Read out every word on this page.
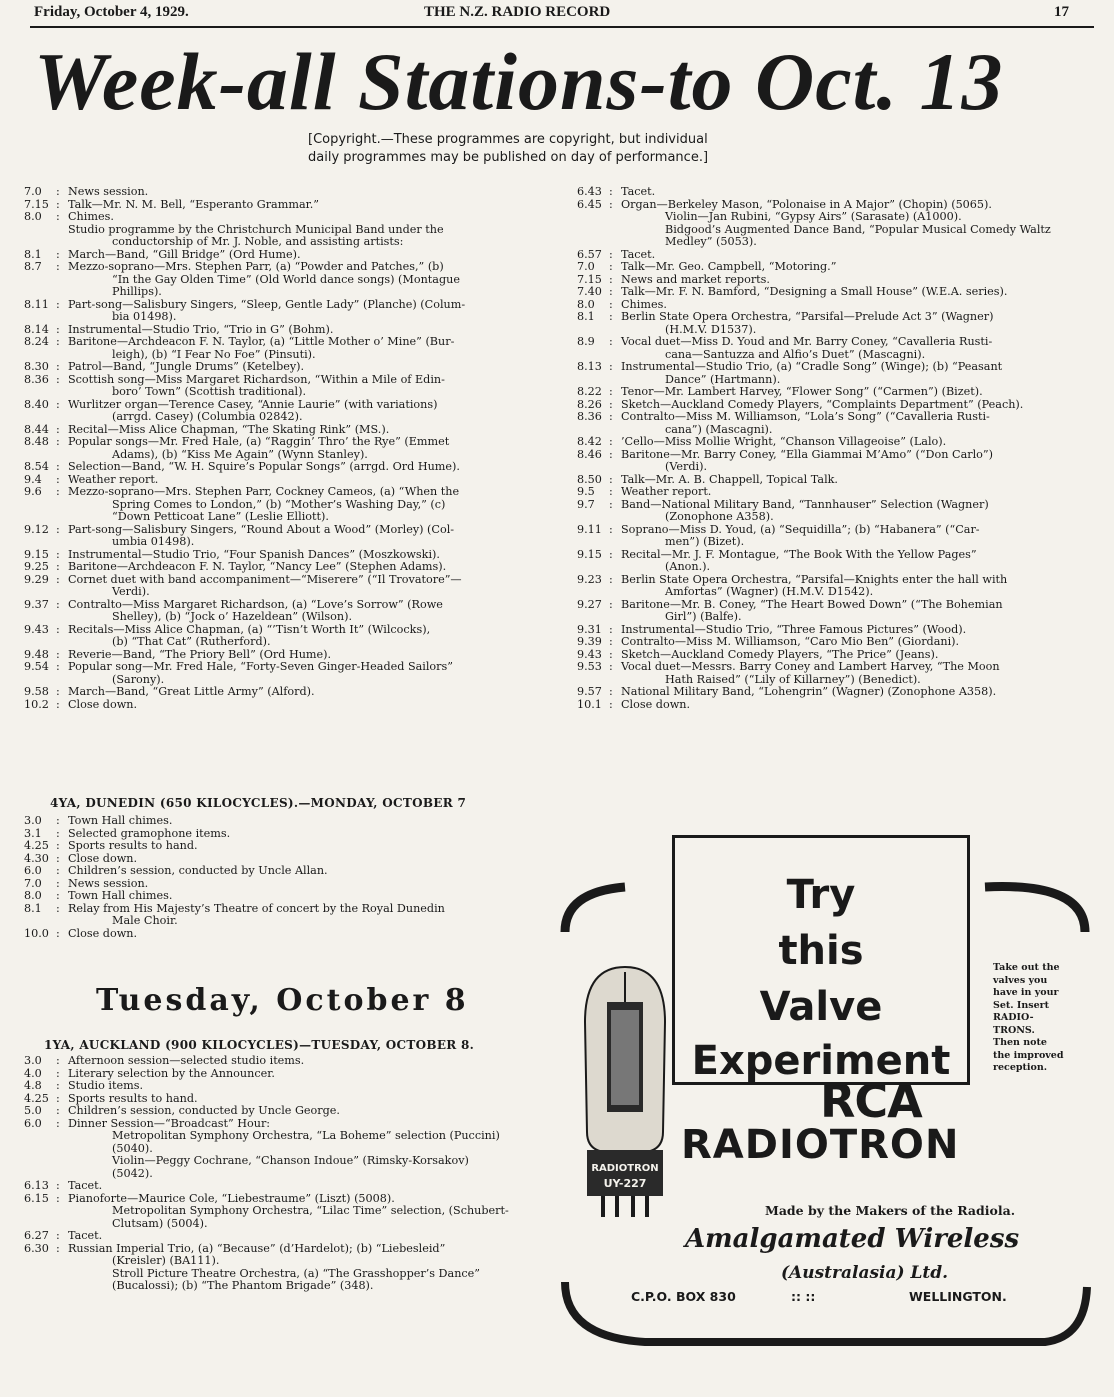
Friday, October 4, 1929.	THE N.Z. RADIO RECORD	17
Week-all Stations-to Oct. 13
[Copyright.—These programmes are copyright, but individual
daily programmes may be published on day of performance.]
7.0	: News session.
7.15 : Talk—Mr. N. M. Bell, “Esperanto Grammar.”
8.0	: Chimes.
Studio programme by the Christchurch Municipal Band under the
conductorship of Mr. J. Noble, and assisting artists:
8.1	: March—Band, “Gill Bridge” (Ord Hume).
8.7	: Mezzo-soprano—Mrs. Stephen Parr, (a) “Powder and Patches,” (b)
“In the Gay Olden Time” (Old World dance songs) (Montague
Phillips).
8.11 : Part-song—Salisbury Singers, “Sleep, Gentle Lady” (Planche) (Colum-
bia 01498).
8.14 : Instrumental—Studio Trio, “Trio in G” (Bohm).
8.24 : Baritone—Archdeacon F. N. Taylor, (a) “Little Mother o’ Mine” (Bur-
leigh), (b) “I Fear No Foe” (Pinsuti).
8.30 : Patrol—Band, “Jungle Drums” (Ketelbey).
8.36 : Scottish song—Miss Margaret Richardson, “Within a Mile of Edin-
boro’ Town” (Scottish traditional).
8.40 : Wurlitzer organ—Terence Casey, “Annie Laurie” (with variations)
(arrgd. Casey) (Columbia 02842).
8.44 : Recital—Miss Alice Chapman, “The Skating Rink” (MS.).
8.48 : Popular songs—Mr. Fred Hale, (a) “Raggin’ Thro’ the Rye” (Emmet
Adams), (b) “Kiss Me Again” (Wynn Stanley).
8.54 : Selection—Band, “W. H. Squire’s Popular Songs” (arrgd. Ord Hume).
9.4	: Weather report.
9.6	: Mezzo-soprano—Mrs. Stephen Parr, Cockney Cameos, (a) “When the
Spring Comes to London,” (b) “Mother’s Washing Day,” (c)
“Down Petticoat Lane” (Leslie Elliott).
9.12 : Part-song—Salisbury Singers, “Round About a Wood” (Morley) (Col-
umbia 01498).
9.15 : Instrumental—Studio Trio, “Four Spanish Dances” (Moszkowski).
9.25 : Baritone—Archdeacon F. N. Taylor, “Nancy Lee” (Stephen Adams).
9.29 : Cornet duet with band accompaniment—“Miserere” (“Il Trovatore”—
Verdi).
9.37 : Contralto—Miss Margaret Richardson, (a) “Love’s Sorrow” (Rowe
Shelley), (b) “Jock o’ Hazeldean” (Wilson).
9.43 : Recitals—Miss Alice Chapman, (a) “’Tisn’t Worth It” (Wilcocks),
(b) “That Cat” (Rutherford).
9.48 : Reverie—Band, “The Priory Bell” (Ord Hume).
9.54 : Popular song—Mr. Fred Hale, “Forty-Seven Ginger-Headed Sailors”
(Sarony).
9.58 : March—Band, “Great Little Army” (Alford).
10.2 : Close down.
4YA, DUNEDIN (650 KILOCYCLES).—MONDAY, OCTOBER 7
3.0	: Town Hall chimes.
3.1	: Selected gramophone items.
4.25 : Sports results to hand.
4.30 : Close down.
6.0	: Children’s session, conducted by Uncle Allan.
7.0	: News session.
8.0	: Town Hall chimes.
8.1	: Relay from His Majesty’s Theatre of concert by the Royal Dunedin
Male Choir.
10.0 : Close down.
Tuesday, October 8
1YA, AUCKLAND (900 KILOCYCLES)—TUESDAY, OCTOBER 8.
3.0	: Afternoon session—selected studio items.
4.0	: Literary selection by the Announcer.
4.8	: Studio items.
4.25 : Sports results to hand.
5.0	: Children’s session, conducted by Uncle George.
6.0	: Dinner Session—“Broadcast” Hour:
Metropolitan Symphony Orchestra, “La Boheme” selection (Puccini)
(5040).
Violin—Peggy Cochrane, “Chanson Indoue” (Rimsky-Korsakov)
(5042).
6.13 : Tacet.
6.15 : Pianoforte—Maurice Cole, “Liebestraume” (Liszt) (5008).
Metropolitan Symphony Orchestra, “Lilac Time” selection, (Schubert-
Clutsam) (5004).
6.27 : Tacet.
6.30 : Russian Imperial Trio, (a) “Because” (d’Hardelot); (b) “Liebesleid”
(Kreisler) (BA111).
Stroll Picture Theatre Orchestra, (a) “The Grasshopper’s Dance”
(Bucalossi); (b) “The Phantom Brigade” (348).
6.43 : Tacet.
6.45 : Organ—Berkeley Mason, “Polonaise in A Major” (Chopin) (5065).
Violin—Jan Rubini, “Gypsy Airs” (Sarasate) (A1000).
Bidgood’s Augmented Dance Band, “Popular Musical Comedy Waltz
Medley” (5053).
6.57 : Tacet.
7.0	: Talk—Mr. Geo. Campbell, “Motoring.”
7.15 : News and market reports.
7.40 : Talk—Mr. F. N. Bamford, “Designing a Small House” (W.E.A. series).
8.0	: Chimes.
8.1	: Berlin State Opera Orchestra, “Parsifal—Prelude Act 3” (Wagner)
(H.M.V. D1537).
8.9	: Vocal duet—Miss D. Youd and Mr. Barry Coney, “Cavalleria Rusti-
cana—Santuzza and Alfio’s Duet” (Mascagni).
8.13 : Instrumental—Studio Trio, (a) “Cradle Song” (Winge); (b) “Peasant
Dance” (Hartmann).
8.22 : Tenor—Mr. Lambert Harvey, “Flower Song” (“Carmen”) (Bizet).
8.26 : Sketch—Auckland Comedy Players, “Complaints Department” (Peach).
8.36 : Contralto—Miss M. Williamson, “Lola’s Song” (“Cavalleria Rusti-
cana”) (Mascagni).
8.42 : ’Cello—Miss Mollie Wright, “Chanson Villageoise” (Lalo).
8.46 : Baritone—Mr. Barry Coney, “Ella Giammai M’Amo” (“Don Carlo”)
(Verdi).
8.50 : Talk—Mr. A. B. Chappell, Topical Talk.
9.5	: Weather report.
9.7	: Band—National Military Band, “Tannhauser” Selection (Wagner)
(Zonophone A358).
9.11 : Soprano—Miss D. Youd, (a) “Sequidilla”; (b) “Habanera” (“Car-
men”) (Bizet).
9.15 : Recital—Mr. J. F. Montague, “The Book With the Yellow Pages”
(Anon.).
9.23 : Berlin State Opera Orchestra, “Parsifal—Knights enter the hall with
Amfortas” (Wagner) (H.M.V. D1542).
9.27 : Baritone—Mr. B. Coney, “The Heart Bowed Down” (“The Bohemian
Girl”) (Balfe).
9.31 : Instrumental—Studio Trio, “Three Famous Pictures” (Wood).
9.39 : Contralto—Miss M. Williamson, “Caro Mio Ben” (Giordani).
9.43 : Sketch—Auckland Comedy Players, “The Price” (Jeans).
9.53 : Vocal duet—Messrs. Barry Coney and Lambert Harvey, “The Moon
Hath Raised” (“Lily of Killarney”) (Benedict).
9.57 : National Military Band, “Lohengrin” (Wagner) (Zonophone A358).
10.1 : Close down.
RADIOTRON
UY-227
Try
this
Valve
Experiment
Take out the
valves you
have in your
Set. Insert
RADIO-
TRONS.
Then note
the improved
reception.
RCA
RADIOTRON
Made by the Makers of the Radiola.
Amalgamated Wireless
(Australasia) Ltd.
C.P.O. BOX 830	:: ::	WELLINGTON.
